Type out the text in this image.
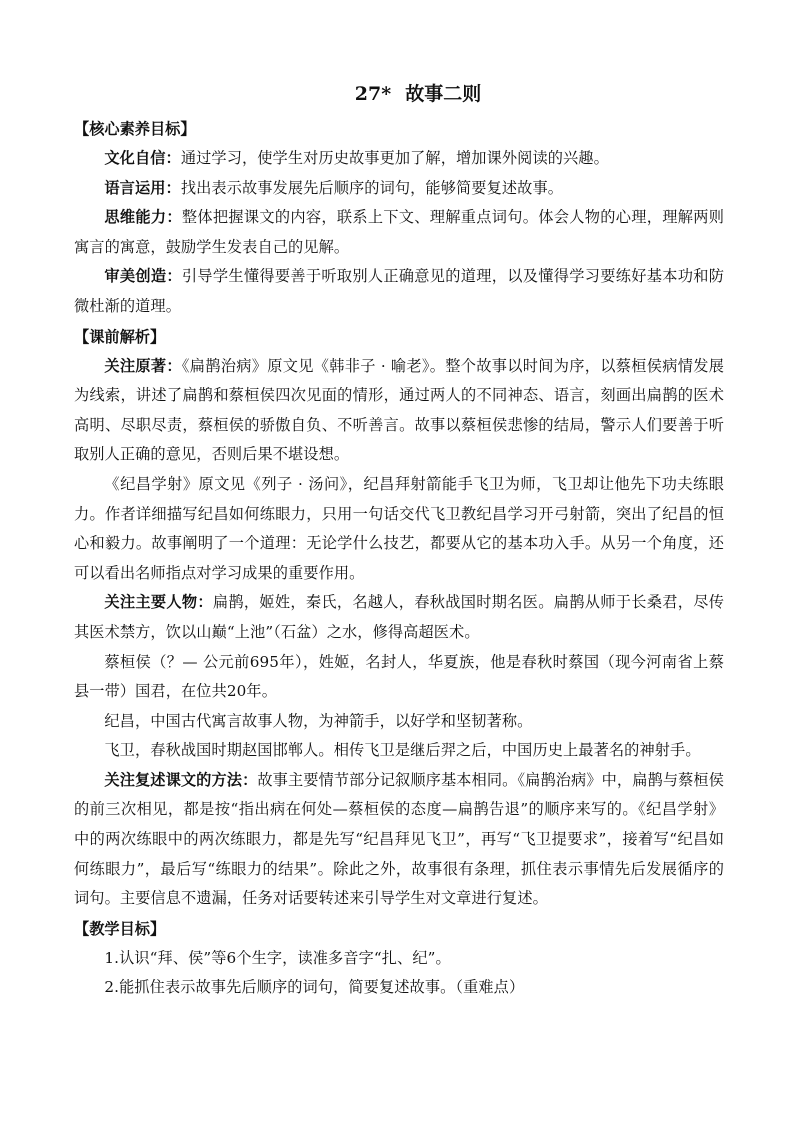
27* 故事二则
【核心素养目标】

文化自信：通过学习，使学生对历史故事更加了解，增加课外阅读的兴趣。

语言运用：找出表示故事发展先后顺序的词句，能够简要复述故事。

思维能力：整体把握课文的内容，联系上下文、理解重点词句。体会人物的心理，理解两则寓言的寓意，鼓励学生发表自己的见解。

审美创造：引导学生懂得要善于听取别人正确意见的道理，以及懂得学习要练好基本功和防微杜渐的道理。

【课前解析】

关注原著：《扁鹊治病》原文见《韩非子 · 喻老》。整个故事以时间为序，以蔡桓侯病情发展为线索，讲述了扁鹊和蔡桓侯四次见面的情形，通过两人的不同神态、语言，刻画出扁鹊的医术高明、尽职尽责，蔡桓侯的骄傲自负、不听善言。故事以蔡桓侯悲惨的结局，警示人们要善于听取别人正确的意见，否则后果不堪设想。

《纪昌学射》原文见《列子 · 汤问》，纪昌拜射箭能手飞卫为师，飞卫却让他先下功夫练眼力。作者详细描写纪昌如何练眼力，只用一句话交代飞卫教纪昌学习开弓射箭，突出了纪昌的恒心和毅力。故事阐明了一个道理：无论学什么技艺，都要从它的基本功入手。从另一个角度，还可以看出名师指点对学习成果的重要作用。

关注主要人物：扁鹊，姬姓，秦氏，名越人，春秋战国时期名医。扁鹊从师于长桑君，尽传其医术禁方，饮以山巅“上池”（石盆）之水，修得高超医术。

蔡桓侯（？— 公元前695年），姓姬，名封人，华夏族，他是春秋时蔡国（现今河南省上蔡县一带）国君，在位共20年。

纪昌，中国古代寓言故事人物，为神箭手，以好学和坚韧著称。

飞卫，春秋战国时期赵国邯郸人。相传飞卫是继后羿之后，中国历史上最著名的神射手。

关注复述课文的方法：故事主要情节部分记叙顺序基本相同。《扁鹊治病》中，扁鹊与蔡桓侯的前三次相见，都是按“指出病在何处—蔡桓侯的态度—扁鹊告退”的顺序来写的。《纪昌学射》中的两次练眼中的两次练眼力，都是先写“纪昌拜见飞卫”，再写“飞卫提要求”，接着写“纪昌如何练眼力”，最后写“练眼力的结果”。除此之外，故事很有条理，抓住表示事情先后发展循序的词句。主要信息不遗漏，任务对话要转述来引导学生对文章进行复述。

【教学目标】

1.认识“拜、侯”等6个生字，读准多音字“扎、纪”。

2.能抓住表示故事先后顺序的词句，简要复述故事。（重难点）
